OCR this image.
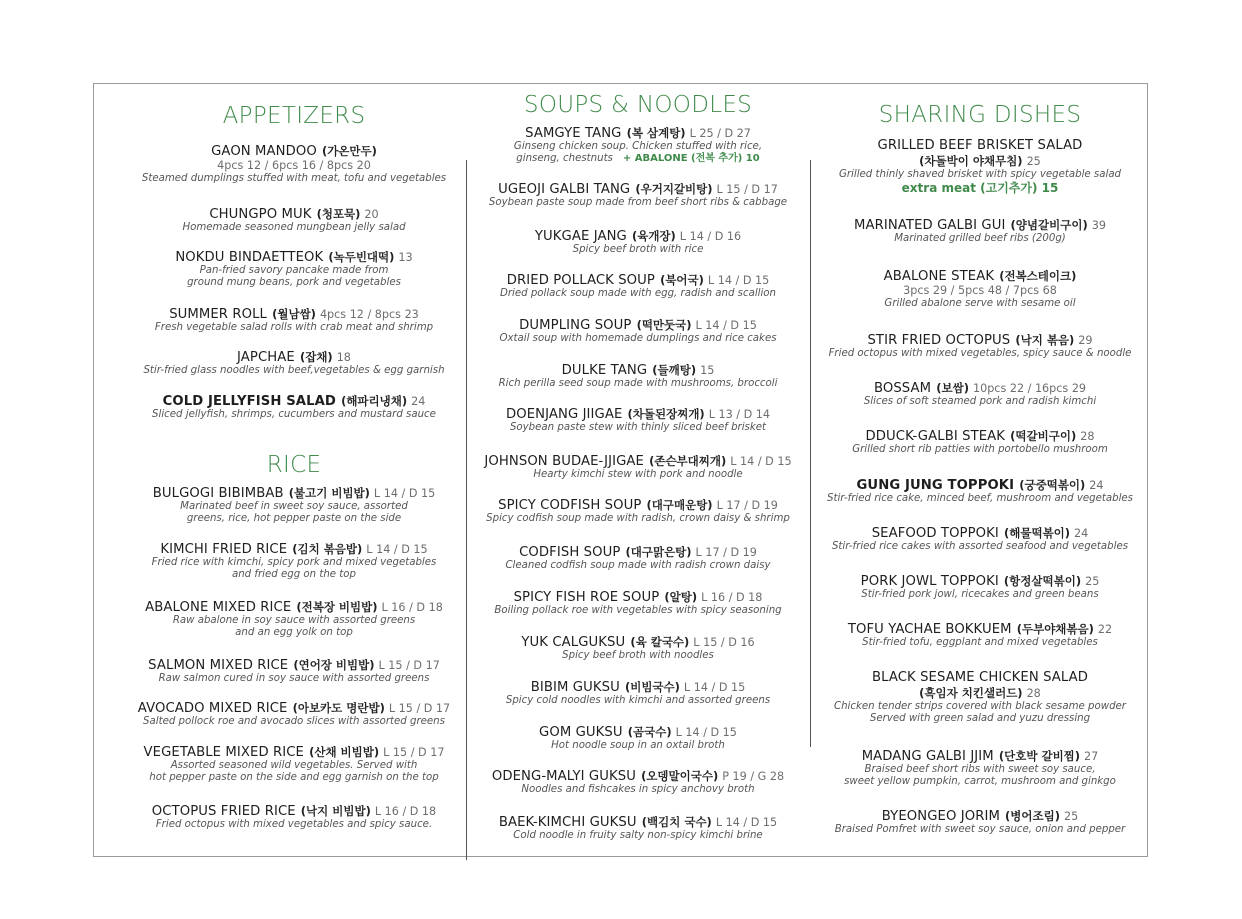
APPETIZERS
GAON MANDOO (가온만두)
4pcs 12 / 6pcs 16 / 8pcs 20
Steamed dumplings stuffed with meat, tofu and vegetables
CHUNGPO MUK (청포묵) 20
Homemade seasoned mungbean jelly salad
NOKDU BINDAETTEOK (녹두빈대떡) 13
Pan-fried savory pancake made from
ground mung beans, pork and vegetables
SUMMER ROLL (월남쌈) 4pcs 12 / 8pcs 23
Fresh vegetable salad rolls with crab meat and shrimp
JAPCHAE (잡채) 18
Stir-fried glass noodles with beef,vegetables & egg garnish
COLD JELLYFISH SALAD (해파리냉채) 24
Sliced jellyfish, shrimps, cucumbers and mustard sauce
RICE
BULGOGI BIBIMBAB (불고기 비빔밥) L 14 / D 15
Marinated beef in sweet soy sauce, assorted
greens, rice, hot pepper paste on the side
KIMCHI FRIED RICE (김치 볶음밥) L 14 / D 15
Fried rice with kimchi, spicy pork and mixed vegetables
and fried egg on the top
ABALONE MIXED RICE (전복장 비빔밥) L 16 / D 18
Raw abalone in soy sauce with assorted greens
and an egg yolk on top
SALMON MIXED RICE (연어장 비빔밥) L 15 / D 17
Raw salmon cured in soy sauce with assorted greens
AVOCADO MIXED RICE (아보카도 명란밥) L 15 / D 17
Salted pollock roe and avocado slices with assorted greens
VEGETABLE MIXED RICE (산채 비빔밥) L 15 / D 17
Assorted seasoned wild vegetables. Served with
hot pepper paste on the side and egg garnish on the top
OCTOPUS FRIED RICE (낙지 비빔밥) L 16 / D 18
Fried octopus with mixed vegetables and spicy sauce.
SOUPS & NOODLES
SAMGYE TANG (복 삼계탕) L 25 / D 27
Ginseng chicken soup. Chicken stuffed with rice,
ginseng, chestnuts + ABALONE (전복 추가) 10
UGEOJI GALBI TANG (우거지갈비탕) L 15 / D 17
Soybean paste soup made from beef short ribs & cabbage
YUKGAE JANG (육개장) L 14 / D 16
Spicy beef broth with rice
DRIED POLLACK SOUP (북어국) L 14 / D 15
Dried pollack soup made with egg, radish and scallion
DUMPLING SOUP (떡만둣국) L 14 / D 15
Oxtail soup with homemade dumplings and rice cakes
DULKE TANG (들깨탕) 15
Rich perilla seed soup made with mushrooms, broccoli
DOENJANG JIIGAE (차돌된장찌개) L 13 / D 14
Soybean paste stew with thinly sliced beef brisket
JOHNSON BUDAE-JJIGAE (존슨부대찌개) L 14 / D 15
Hearty kimchi stew with pork and noodle
SPICY CODFISH SOUP (대구매운탕) L 17 / D 19
Spicy codfish soup made with radish, crown daisy & shrimp
CODFISH SOUP (대구맑은탕) L 17 / D 19
Cleaned codfish soup made with radish crown daisy
SPICY FISH ROE SOUP (알탕) L 16 / D 18
Boiling pollack roe with vegetables with spicy seasoning
YUK CALGUKSU (육 칼국수) L 15 / D 16
Spicy beef broth with noodles
BIBIM GUKSU (비빔국수) L 14 / D 15
Spicy cold noodles with kimchi and assorted greens
GOM GUKSU (곰국수) L 14 / D 15
Hot noodle soup in an oxtail broth
ODENG-MALYI GUKSU (오뎅말이국수) P 19 / G 28
Noodles and fishcakes in spicy anchovy broth
BAEK-KIMCHI GUKSU (백김치 국수) L 14 / D 15
Cold noodle in fruity salty non-spicy kimchi brine
SHARING DISHES
GRILLED BEEF BRISKET SALAD
(차돌박이 야채무침) 25
Grilled thinly shaved brisket with spicy vegetable salad
extra meat (고기추가) 15
MARINATED GALBI GUI (양념갈비구이) 39
Marinated grilled beef ribs (200g)
ABALONE STEAK (전복스테이크)
3pcs 29 / 5pcs 48 / 7pcs 68
Grilled abalone serve with sesame oil
STIR FRIED OCTOPUS (낙지 볶음) 29
Fried octopus with mixed vegetables, spicy sauce & noodle
BOSSAM (보쌈) 10pcs 22 / 16pcs 29
Slices of soft steamed pork and radish kimchi
DDUCK-GALBI STEAK (떡갈비구이) 28
Grilled short rib patties with portobello mushroom
GUNG JUNG TOPPOKI (궁중떡볶이) 24
Stir-fried rice cake, minced beef, mushroom and vegetables
SEAFOOD TOPPOKI (해물떡볶이) 24
Stir-fried rice cakes with assorted seafood and vegetables
PORK JOWL TOPPOKI (항정살떡볶이) 25
Stir-fried pork jowl, ricecakes and green beans
TOFU YACHAE BOKKUEM (두부야채볶음) 22
Stir-fried tofu, eggplant and mixed vegetables
BLACK SESAME CHICKEN SALAD
(흑임자 치킨샐러드) 28
Chicken tender strips covered with black sesame powder
Served with green salad and yuzu dressing
MADANG GALBI JJIM (단호박 갈비찜) 27
Braised beef short ribs with sweet soy sauce,
sweet yellow pumpkin, carrot, mushroom and ginkgo
BYEONGEO JORIM (병어조림) 25
Braised Pomfret with sweet soy sauce, onion and pepper
